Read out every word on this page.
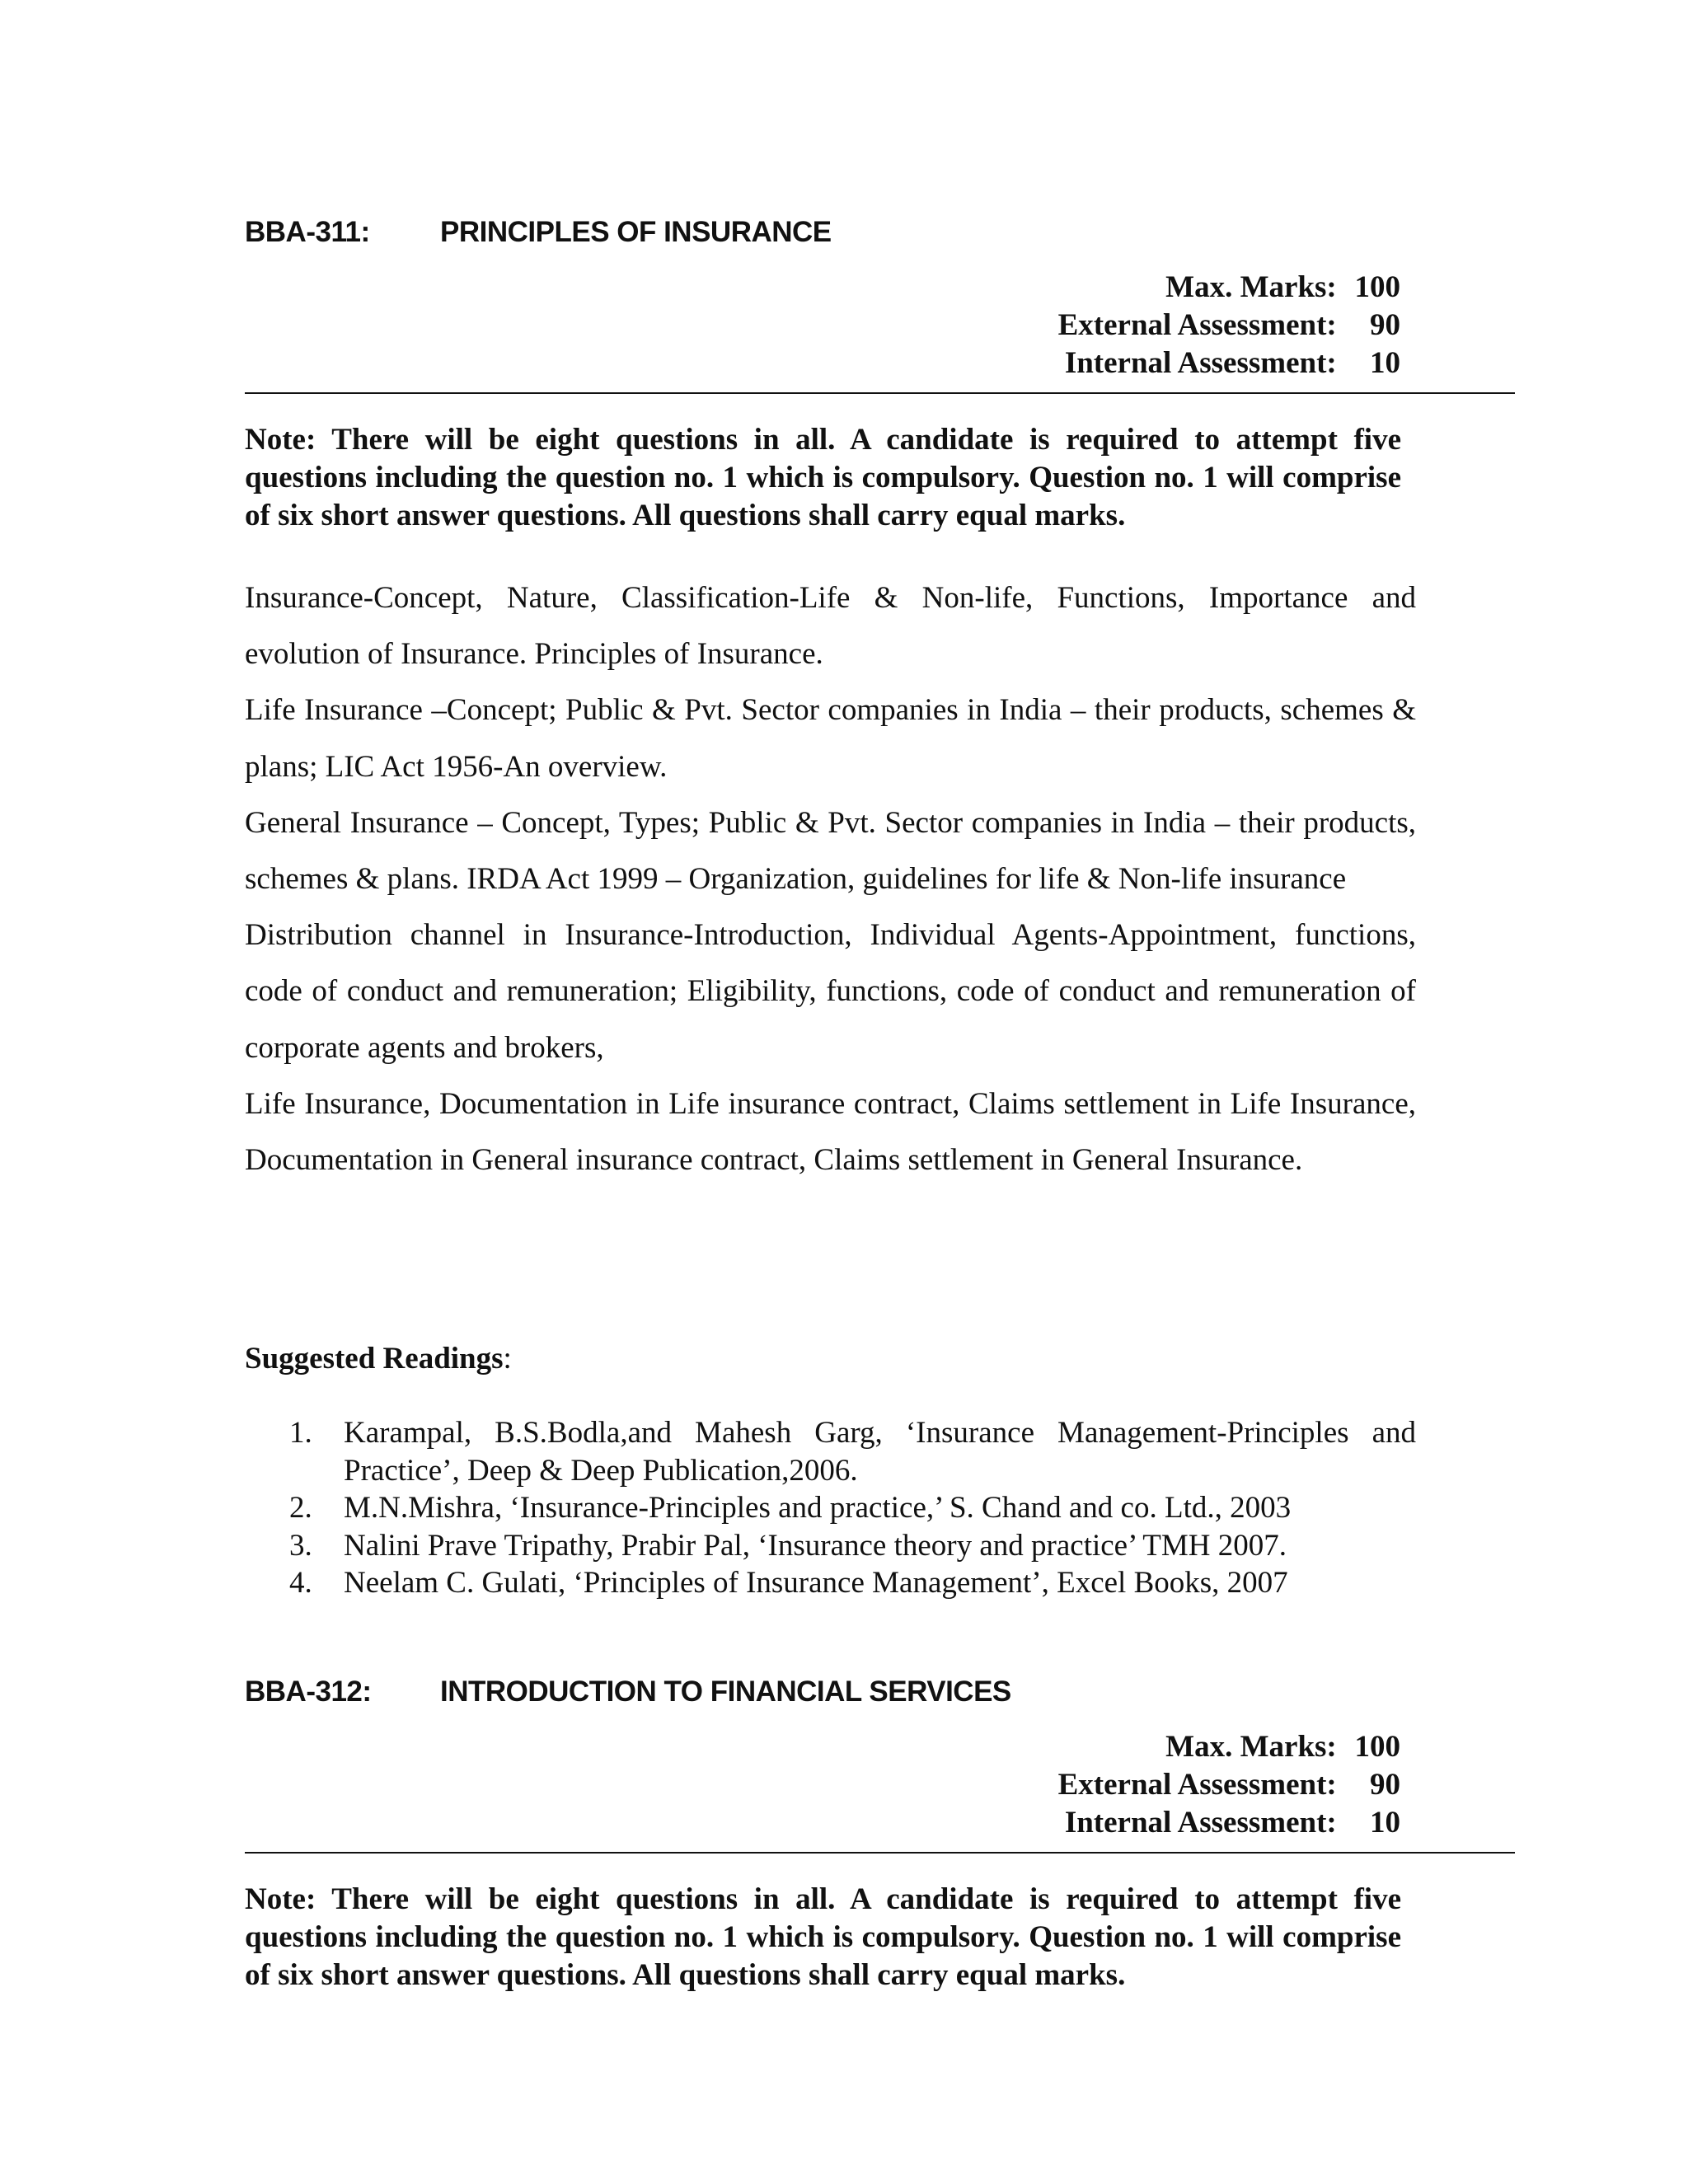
BBA-311: PRINCIPLES OF INSURANCE
Max. Marks: 100
External Assessment: 90
Internal Assessment: 10
Note: There will be eight questions in all. A candidate is required to attempt five questions including the question no. 1 which is compulsory. Question no. 1 will comprise of six short answer questions. All questions shall carry equal marks.

Insurance-Concept, Nature, Classification-Life & Non-life, Functions, Importance and evolution of Insurance. Principles of Insurance.

Life Insurance –Concept; Public & Pvt. Sector companies in India – their products, schemes & plans; LIC Act 1956-An overview.

General Insurance – Concept, Types; Public & Pvt. Sector companies in India – their products, schemes & plans. IRDA Act 1999 – Organization, guidelines for life & Non-life insurance

Distribution channel in Insurance-Introduction, Individual Agents-Appointment, functions, code of conduct and remuneration; Eligibility, functions, code of conduct and remuneration of corporate agents and brokers,

Life Insurance, Documentation in Life insurance contract, Claims settlement in Life Insurance, Documentation in General insurance contract, Claims settlement in General Insurance.

Suggested Readings:
1. Karampal, B.S.Bodla,and Mahesh Garg, ‘Insurance Management-Principles and Practice’, Deep & Deep Publication,2006.
2. M.N.Mishra, ‘Insurance-Principles and practice,’ S. Chand and co. Ltd., 2003
3. Nalini Prave Tripathy, Prabir Pal, ‘Insurance theory and practice’ TMH 2007.
4. Neelam C. Gulati, ‘Principles of Insurance Management’, Excel Books, 2007
BBA-312: INTRODUCTION TO FINANCIAL SERVICES
Max. Marks: 100
External Assessment: 90
Internal Assessment: 10
Note: There will be eight questions in all. A candidate is required to attempt five questions including the question no. 1 which is compulsory. Question no. 1 will comprise of six short answer questions. All questions shall carry equal marks.
